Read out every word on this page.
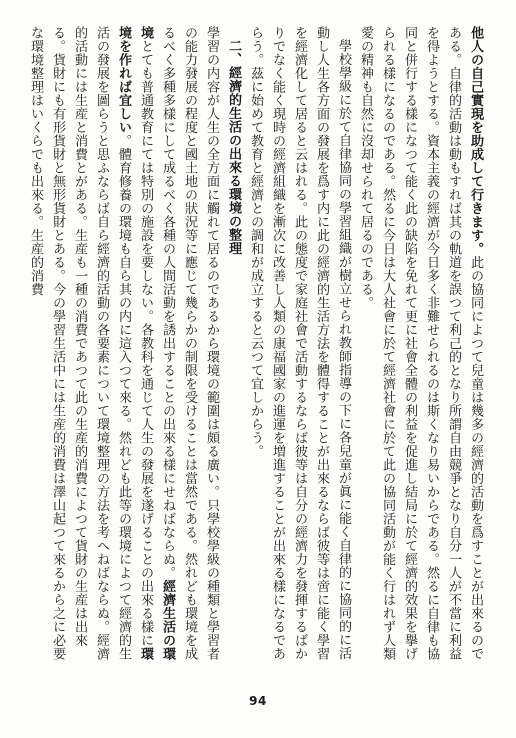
他人の自己實現を助成して行きます。此の協同によつて兒童は幾多の經濟的活動を爲すことが出來るのである。自律的活動は動もすれば其の軌道を誤つて利己的となり所謂自由競爭となり自分一人が不當に利益を得ようとする。資本主義の經濟が今日多く非難せられるのは斯くなり易いからである。然るに自律も協同と併行する樣になつて能く此の缺陷を免れて更に社會全體の利益を促進し結局に於て經濟的效果を擧げられる樣になるのである。然るに今日は大人社會に於て經濟社會に於て此の協同活動が能く行はれず人類愛の精神も自然に沒却せられて居るのである。

學校學級に於て自律協同の學習組織が樹立せられ教師指導の下に各兒童が眞に能く自律的に協同的に活動し人生各方面の發展を爲す内に此の經濟的生活方法を體得することが出來るならば彼等は啻に能く學習を經濟化して居ると云はれる。此の態度で家庭社會で活動するならば彼等は自分の經濟力を發揮するばかりでなく能く現時の經濟組織を漸次に改善し人類の康福國家の進運を増進することが出來る樣になるであらう。茲に始めて教育と經濟との調和が成立すると云つて宜しからう。

二、經濟的生活の出來る環境の整理

學習の内容が人生の全方面に觸れて居るのであるから環境の範圍は頗る廣い。只學校學級の種類と學習者の能力發展の程度と國土地の狀況等に應じて幾らかの制限を受けることは當然である。然れども環境を成るべく多種多樣にして成るべく各種の人間活動を誘出することの出來る樣にせねばならぬ。經濟生活の環境とても普通教育にては特別の施設を要しない。各教科を通じて人生の發展を遂げることの出來る樣に環境を作れば宜しい。體育修養の環境も自ら其の内に這入つて來る。然れども此等の環境によつて經濟的生活の發展を圖らうと思ふならば自ら經濟的活動の各要素について環境整理の方法を考へねばならぬ。經濟的活動には生産と消費とがある。生産も一種の消費であつて此の生産的消費によつて貨財の生産は出來る。貨財にも有形貨財と無形貨財とある。今の學習生活中には生産的消費は澤山起つて來るから之に必要な環境整理はいくらでも出來る。生産的消費

94
